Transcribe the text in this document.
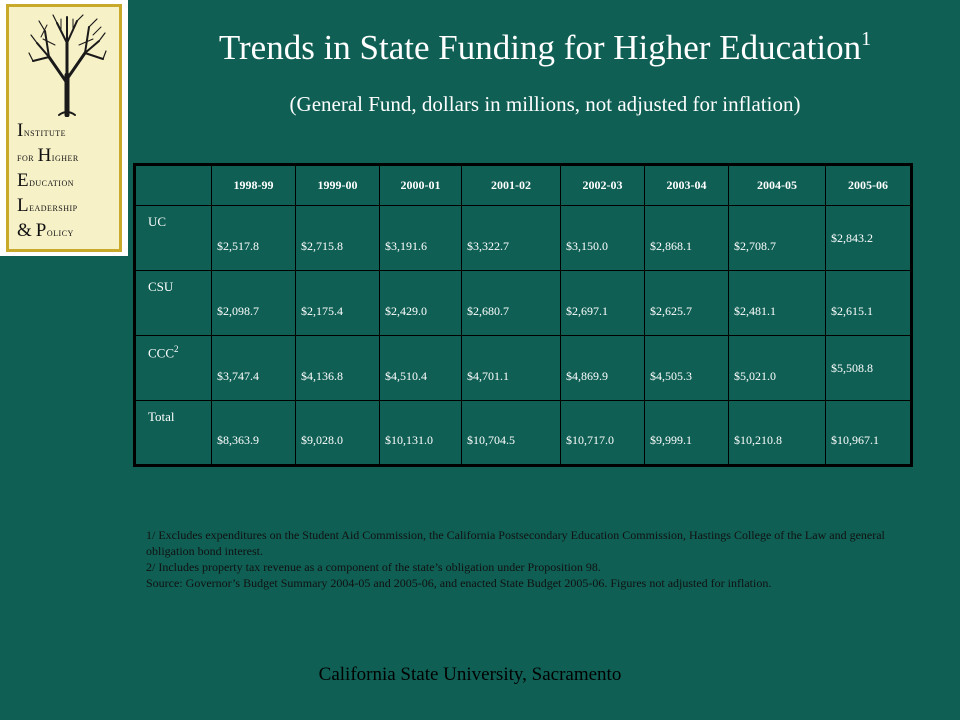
Institute
for Higher
Education
Leadership
& Policy
Trends in State Funding for Higher Education$^1$
(General Fund, dollars in millions, not adjusted for inflation)
	1998-99	1999-00	2000-01	2001-02	2002-03	2003-04	2004-05	2005-06
UC	$2,517.8	$2,715.8	$3,191.6	$3,322.7	$3,150.0	$2,868.1	$2,708.7	$2,843.2
CSU	$2,098.7	$2,175.4	$2,429.0	$2,680.7	$2,697.1	$2,625.7	$2,481.1	$2,615.1
CCC$^2$	$3,747.4	$4,136.8	$4,510.4	$4,701.1	$4,869.9	$4,505.3	$5,021.0	$5,508.8
Total	$8,363.9	$9,028.0	$10,131.0	$10,704.5	$10,717.0	$9,999.1	$10,210.8	$10,967.1
1/ Excludes expenditures on the Student Aid Commission, the California Postsecondary Education Commission, Hastings College of the Law and general obligation bond interest.
2/ Includes property tax revenue as a component of the state’s obligation under Proposition 98.
Source: Governor’s Budget Summary 2004-05 and 2005-06, and enacted State Budget 2005-06. Figures not adjusted for inflation.
California State University, Sacramento
